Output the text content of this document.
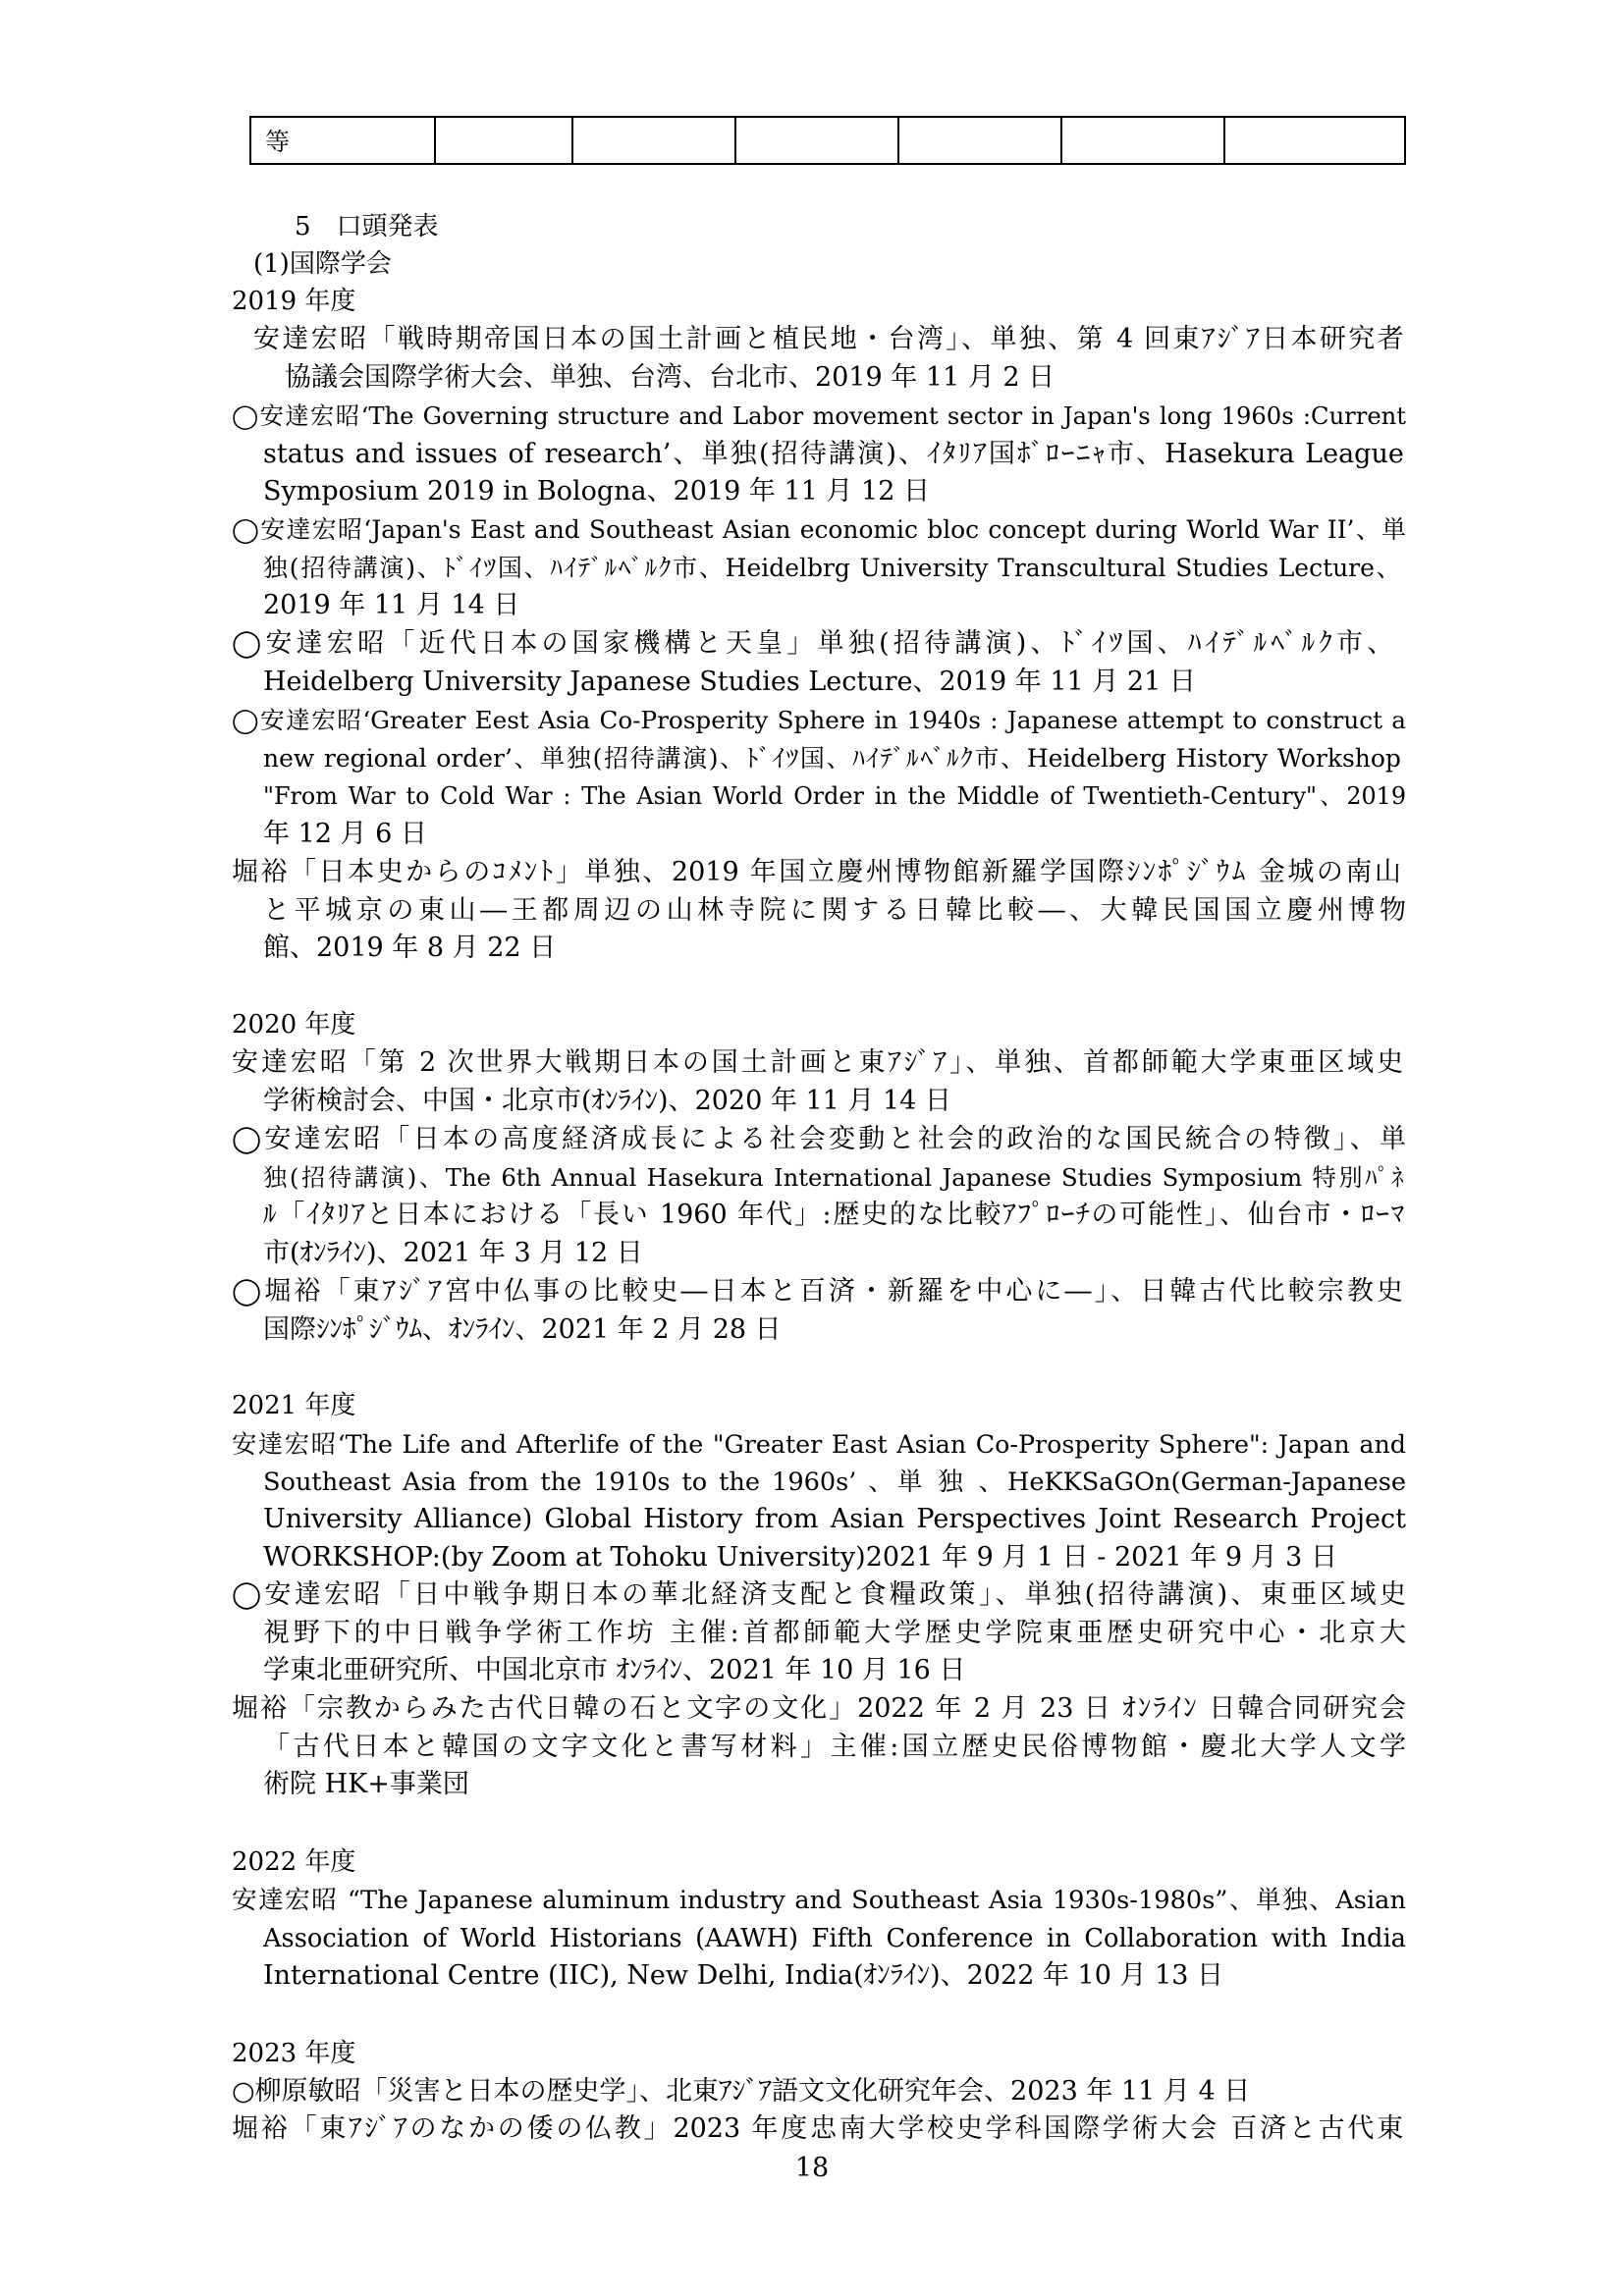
等						
5　口頭発表
(1)国際学会
2019 年度
安達宏昭「戦時期帝国日本の国土計画と植民地・台湾」、単独、第 4 回東ｱｼﾞｱ日本研究者
協議会国際学術大会、単独、台湾、台北市、2019 年 11 月 2 日
◯安達宏昭‘The Governing structure and Labor movement sector in Japan's long 1960s :Current
status and issues of research’、単独(招待講演)、ｲﾀﾘｱ国ﾎﾞﾛｰﾆｬ市、Hasekura League
Symposium 2019 in Bologna、2019 年 11 月 12 日
◯安達宏昭‘Japan's East and Southeast Asian economic bloc concept during World War II’、単
独(招待講演)、ﾄﾞｲﾂ国、ﾊｲﾃﾞﾙﾍﾞﾙｸ市、Heidelbrg University Transcultural Studies Lecture、
2019 年 11 月 14 日
◯安達宏昭「近代日本の国家機構と天皇」単独(招待講演)、ﾄﾞｲﾂ国、ﾊｲﾃﾞﾙﾍﾞﾙｸ市、
Heidelberg University Japanese Studies Lecture、2019 年 11 月 21 日
◯安達宏昭‘Greater Eest Asia Co-Prosperity Sphere in 1940s : Japanese attempt to construct a
new regional order’、単独(招待講演)、ﾄﾞｲﾂ国、ﾊｲﾃﾞﾙﾍﾞﾙｸ市、Heidelberg History Workshop
"From War to Cold War : The Asian World Order in the Middle of Twentieth-Century"、2019
年 12 月 6 日
堀裕「日本史からのｺﾒﾝﾄ」単独、2019 年国立慶州博物館新羅学国際ｼﾝﾎﾟｼﾞｳﾑ 金城の南山
と平城京の東山―王都周辺の山林寺院に関する日韓比較―、大韓民国国立慶州博物
館、2019 年 8 月 22 日
2020 年度
安達宏昭「第 2 次世界大戦期日本の国土計画と東ｱｼﾞｱ」、単独、首都師範大学東亜区域史
学術検討会、中国・北京市(ｵﾝﾗｲﾝ)、2020 年 11 月 14 日
◯安達宏昭「日本の高度経済成長による社会変動と社会的政治的な国民統合の特徴」、単
独(招待講演)、The 6th Annual Hasekura International Japanese Studies Symposium 特別ﾊﾟﾈ
ﾙ「ｲﾀﾘｱと日本における「長い 1960 年代」:歴史的な比較ｱﾌﾟﾛｰﾁの可能性」、仙台市・ﾛｰﾏ
市(ｵﾝﾗｲﾝ)、2021 年 3 月 12 日
◯堀裕「東ｱｼﾞｱ宮中仏事の比較史―日本と百済・新羅を中心に―」、日韓古代比較宗教史
国際ｼﾝﾎﾟｼﾞｳﾑ、ｵﾝﾗｲﾝ、2021 年 2 月 28 日
2021 年度
安達宏昭‘The Life and Afterlife of the "Greater East Asian Co-Prosperity Sphere": Japan and
Southeast Asia from the 1910s to the 1960s’ 、単 独 、HeKKSaGOn(German-Japanese
University Alliance) Global History from Asian Perspectives Joint Research Project
WORKSHOP:(by Zoom at Tohoku University)2021 年 9 月 1 日 - 2021 年 9 月 3 日
◯安達宏昭「日中戦争期日本の華北経済支配と食糧政策」、単独(招待講演)、東亜区域史
視野下的中日戦争学術工作坊 主催:首都師範大学歴史学院東亜歴史研究中心・北京大
学東北亜研究所、中国北京市 ｵﾝﾗｲﾝ、2021 年 10 月 16 日
堀裕「宗教からみた古代日韓の石と文字の文化」2022 年 2 月 23 日 ｵﾝﾗｲﾝ 日韓合同研究会
「古代日本と韓国の文字文化と書写材料」主催:国立歴史民俗博物館・慶北大学人文学
術院 HK+事業団
2022 年度
安達宏昭 “The Japanese aluminum industry and Southeast Asia 1930s-1980s”、単独、Asian
Association of World Historians (AAWH) Fifth Conference in Collaboration with India
International Centre (IIC), New Delhi, India(ｵﾝﾗｲﾝ)、2022 年 10 月 13 日
2023 年度
○柳原敏昭「災害と日本の歴史学」、北東ｱｼﾞｱ語文文化研究年会、2023 年 11 月 4 日
堀裕「東ｱｼﾞｱのなかの倭の仏教」2023 年度忠南大学校史学科国際学術大会 百済と古代東
18
